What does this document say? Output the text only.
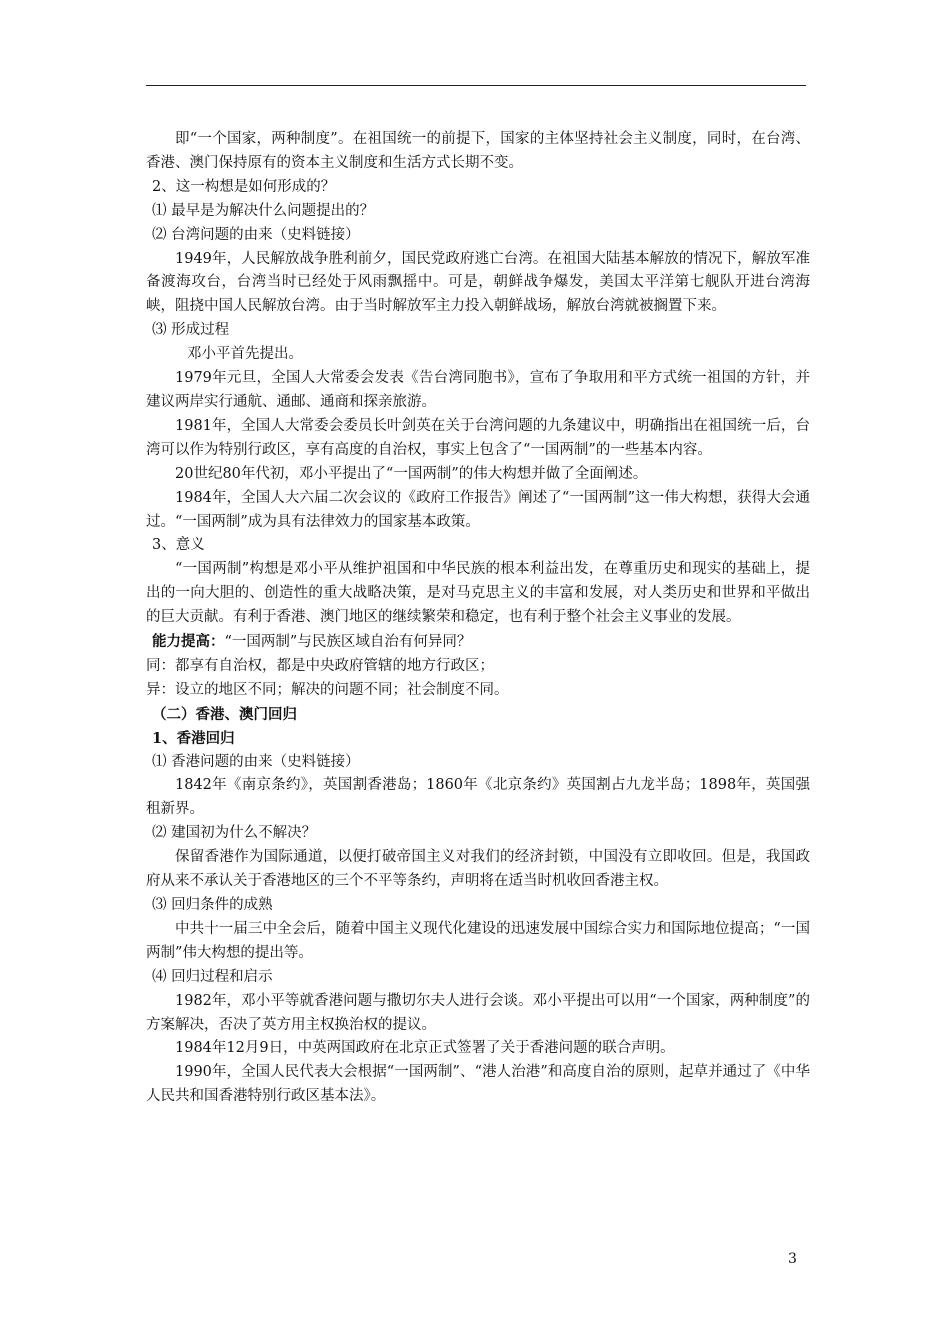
即“一个国家，两种制度”。在祖国统一的前提下，国家的主体坚持社会主义制度，同时，在台湾、香港、澳门保持原有的资本主义制度和生活方式长期不变。

2、这一构想是如何形成的？

⑴ 最早是为解决什么问题提出的？

⑵ 台湾问题的由来（史料链接）

1949年，人民解放战争胜利前夕，国民党政府逃亡台湾。在祖国大陆基本解放的情况下，解放军准备渡海攻台，台湾当时已经处于风雨飘摇中。可是，朝鲜战争爆发，美国太平洋第七舰队开进台湾海峡，阻挠中国人民解放台湾。由于当时解放军主力投入朝鲜战场，解放台湾就被搁置下来。

⑶ 形成过程

邓小平首先提出。

1979年元旦，全国人大常委会发表《告台湾同胞书》，宣布了争取用和平方式统一祖国的方针，并建议两岸实行通航、通邮、通商和探亲旅游。

1981年，全国人大常委会委员长叶剑英在关于台湾问题的九条建议中，明确指出在祖国统一后，台湾可以作为特别行政区，享有高度的自治权，事实上包含了“一国两制”的一些基本内容。

20世纪80年代初，邓小平提出了“一国两制”的伟大构想并做了全面阐述。

1984年，全国人大六届二次会议的《政府工作报告》阐述了“一国两制”这一伟大构想，获得大会通过。“一国两制”成为具有法律效力的国家基本政策。

3、意义

“一国两制”构想是邓小平从维护祖国和中华民族的根本利益出发，在尊重历史和现实的基础上，提出的一向大胆的、创造性的重大战略决策，是对马克思主义的丰富和发展，对人类历史和世界和平做出的巨大贡献。有利于香港、澳门地区的继续繁荣和稳定，也有利于整个社会主义事业的发展。

能力提高：“一国两制”与民族区域自治有何异同？

同：都享有自治权，都是中央政府管辖的地方行政区；

异：设立的地区不同；解决的问题不同；社会制度不同。

（二）香港、澳门回归

1、香港回归

⑴ 香港问题的由来（史料链接）

1842年《南京条约》，英国割香港岛；1860年《北京条约》英国割占九龙半岛；1898年，英国强租新界。

⑵ 建国初为什么不解决？

保留香港作为国际通道，以便打破帝国主义对我们的经济封锁，中国没有立即收回。但是，我国政府从来不承认关于香港地区的三个不平等条约，声明将在适当时机收回香港主权。

⑶ 回归条件的成熟

中共十一届三中全会后，随着中国主义现代化建设的迅速发展中国综合实力和国际地位提高；“一国两制”伟大构想的提出等。

⑷ 回归过程和启示

1982年，邓小平等就香港问题与撒切尔夫人进行会谈。邓小平提出可以用“一个国家，两种制度”的方案解决，否决了英方用主权换治权的提议。

1984年12月9日，中英两国政府在北京正式签署了关于香港问题的联合声明。

1990年，全国人民代表大会根据“一国两制”、“港人治港”和高度自治的原则，起草并通过了《中华人民共和国香港特别行政区基本法》。

3
